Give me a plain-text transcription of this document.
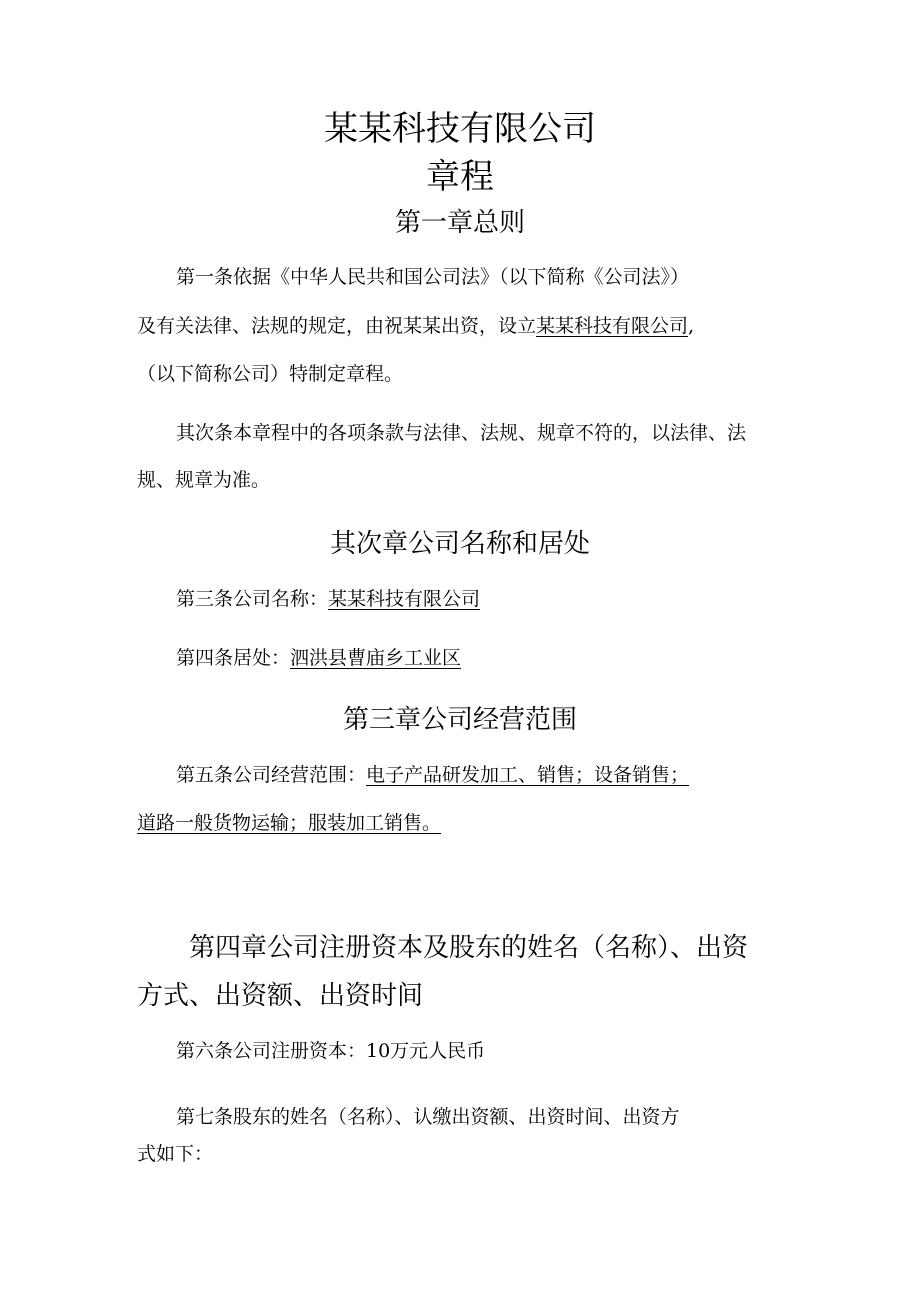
某某科技有限公司
章程
第一章总则
第一条依据《中华人民共和国公司法》（以下简称《公司法》）
及有关法律、法规的规定，由祝某某出资，设立某某科技有限公司,
（以下简称公司）特制定章程。
其次条本章程中的各项条款与法律、法规、规章不符的，以法律、法
规、规章为准。
其次章公司名称和居处
第三条公司名称：某某科技有限公司
第四条居处：泗洪县曹庙乡工业区
第三章公司经营范围
第五条公司经营范围：电子产品研发加工、销售；设备销售；
道路一般货物运输；服装加工销售。
第四章公司注册资本及股东的姓名（名称）、出资
方式、出资额、出资时间
第六条公司注册资本：10万元人民币
第七条股东的姓名（名称）、认缴出资额、出资时间、出资方
式如下：
